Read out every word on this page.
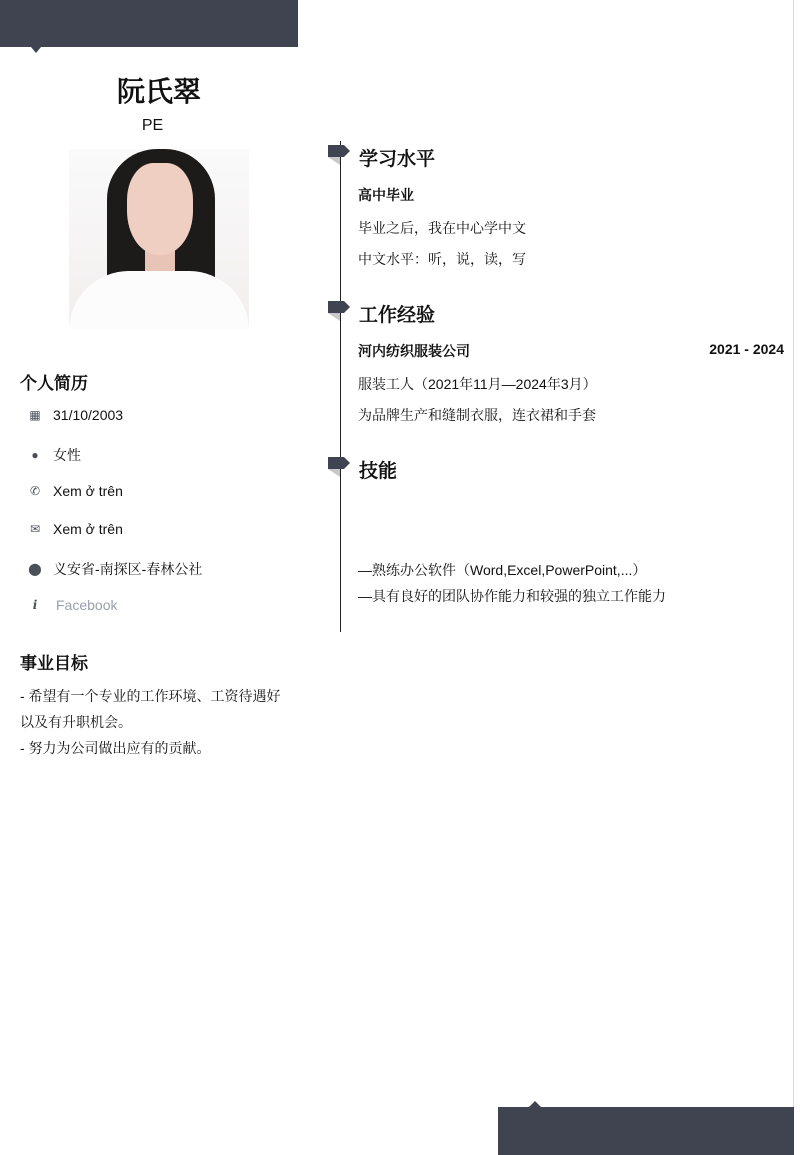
阮氏翠
PE
个人简历
▦ 31/10/2003
● 女性
✆ Xem ở trên
✉ Xem ở trên
⬤ 义安省-南探区-春林公社
i	Facebook
事业目标
- 希望有一个专业的工作环境、工资待遇好以及有升职机会。
- 努力为公司做出应有的贡献。
学习水平
高中毕业
毕业之后，我在中心学中文
中文水平：听，说，读，写
工作经验
河内纺织服装公司	2021 - 2024
服装工人（2021年11月—2024年3月）
为品牌生产和缝制衣服，连衣裙和手套
技能
—熟练办公软件（Word,Excel,PowerPoint,...）
—具有良好的团队协作能力和较强的独立工作能力
